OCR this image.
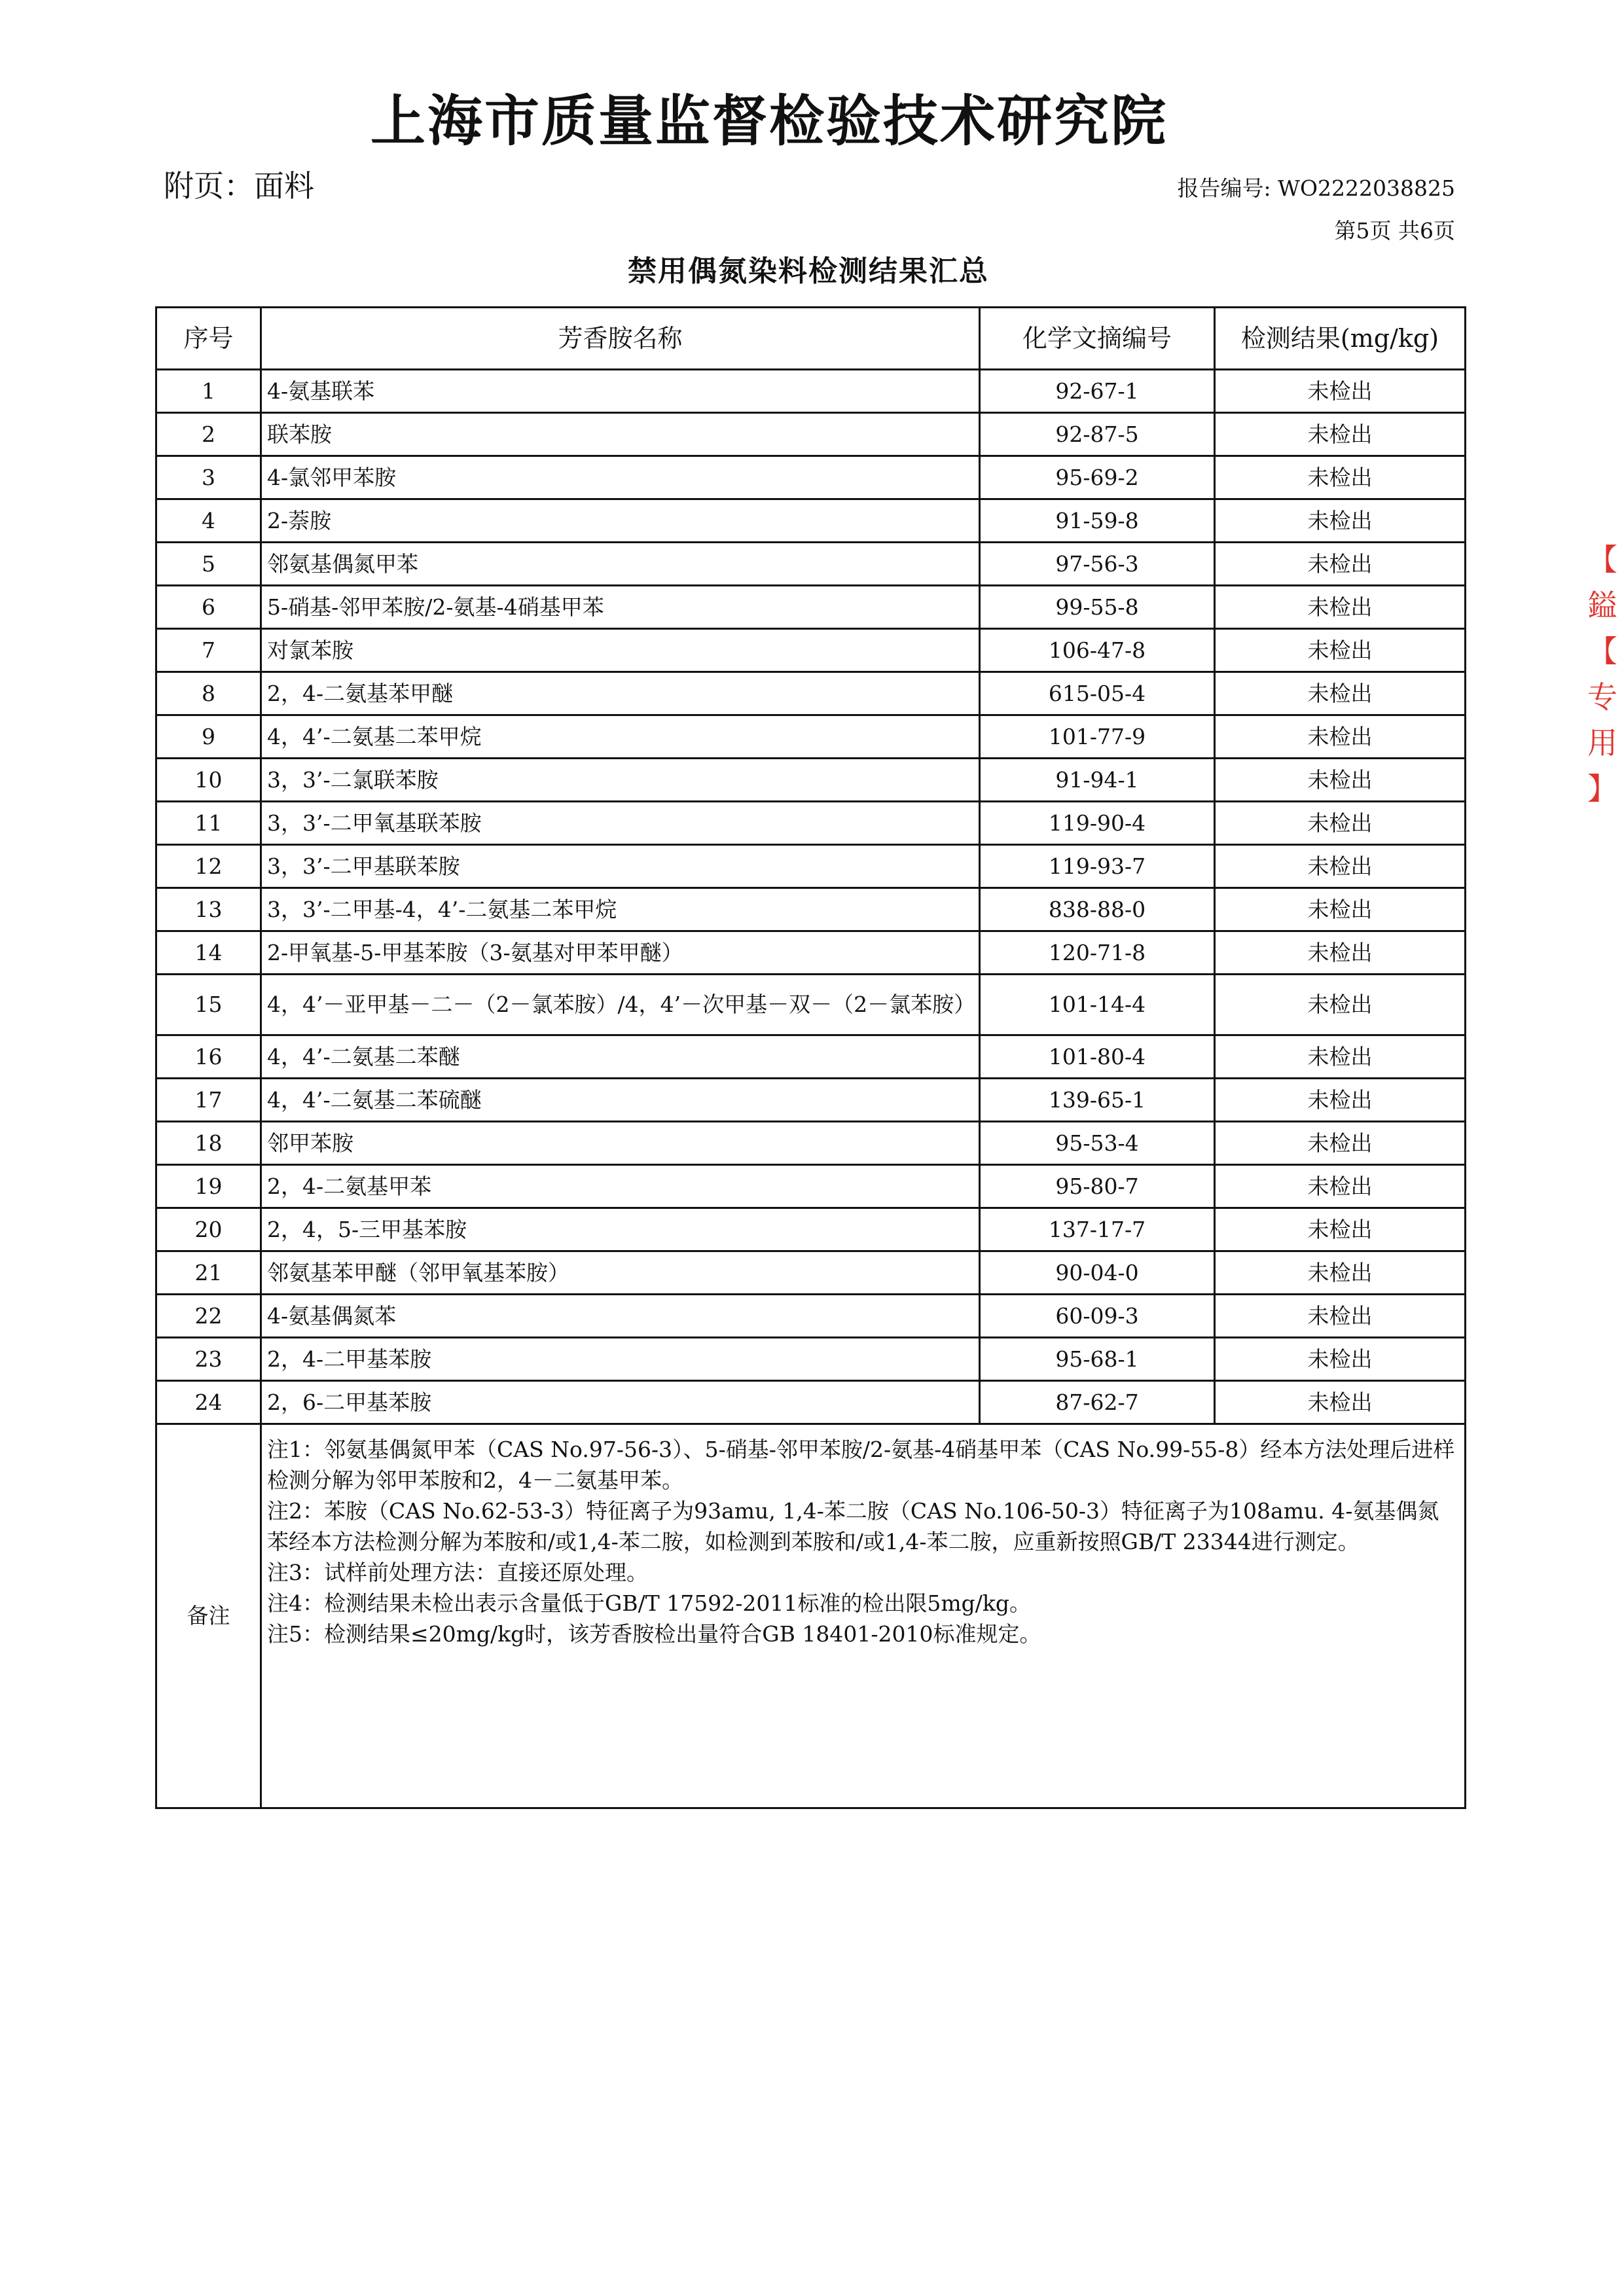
上海市质量监督检验技术研究院
附页：面料	报告编号: WO2222038825
第5页 共6页
禁用偶氮染料检测结果汇总
序号	芳香胺名称	化学文摘编号	检测结果(mg/kg)
1	4-氨基联苯	92-67-1	未检出
2	联苯胺	92-87-5	未检出
3	4-氯邻甲苯胺	95-69-2	未检出
4	2-萘胺	91-59-8	未检出
5	邻氨基偶氮甲苯	97-56-3	未检出
6	5-硝基-邻甲苯胺/2-氨基-4硝基甲苯	99-55-8	未检出
7	对氯苯胺	106-47-8	未检出
8	2，4-二氨基苯甲醚	615-05-4	未检出
9	4，4’-二氨基二苯甲烷	101-77-9	未检出
10	3，3’-二氯联苯胺	91-94-1	未检出
11	3，3’-二甲氧基联苯胺	119-90-4	未检出
12	3，3’-二甲基联苯胺	119-93-7	未检出
13	3，3’-二甲基-4，4’-二氨基二苯甲烷	838-88-0	未检出
14	2-甲氧基-5-甲基苯胺（3-氨基对甲苯甲醚）	120-71-8	未检出
15	4，4’－亚甲基－二－（2－氯苯胺）/4，4’－次甲基－双－（2－氯苯胺）	101-14-4	未检出
16	4，4’-二氨基二苯醚	101-80-4	未检出
17	4，4’-二氨基二苯硫醚	139-65-1	未检出
18	邻甲苯胺	95-53-4	未检出
19	2，4-二氨基甲苯	95-80-7	未检出
20	2，4，5-三甲基苯胺	137-17-7	未检出
21	邻氨基苯甲醚（邻甲氧基苯胺）	90-04-0	未检出
22	4-氨基偶氮苯	60-09-3	未检出
23	2，4-二甲基苯胺	95-68-1	未检出
24	2，6-二甲基苯胺	87-62-7	未检出
备注	注1：邻氨基偶氮甲苯（CAS No.97-56-3）、5-硝基-邻甲苯胺/2-氨基-4硝基甲苯（CAS No.99-55-8）经本方法处理后进样检测分解为邻甲苯胺和2，4－二氨基甲苯。
注2：苯胺（CAS No.62-53-3）特征离子为93amu, 1,4-苯二胺（CAS No.106-50-3）特征离子为108amu. 4-氨基偶氮苯经本方法检测分解为苯胺和/或1,4-苯二胺，如检测到苯胺和/或1,4-苯二胺，应重新按照GB/T 23344进行测定。
注3：试样前处理方法：直接还原处理。
注4：检测结果未检出表示含量低于GB/T 17592-2011标准的检出限5mg/kg。
注5：检测结果≤20mg/kg时，该芳香胺检出量符合GB 18401-2010标准规定。		
【
鎰
【
专
用
】
